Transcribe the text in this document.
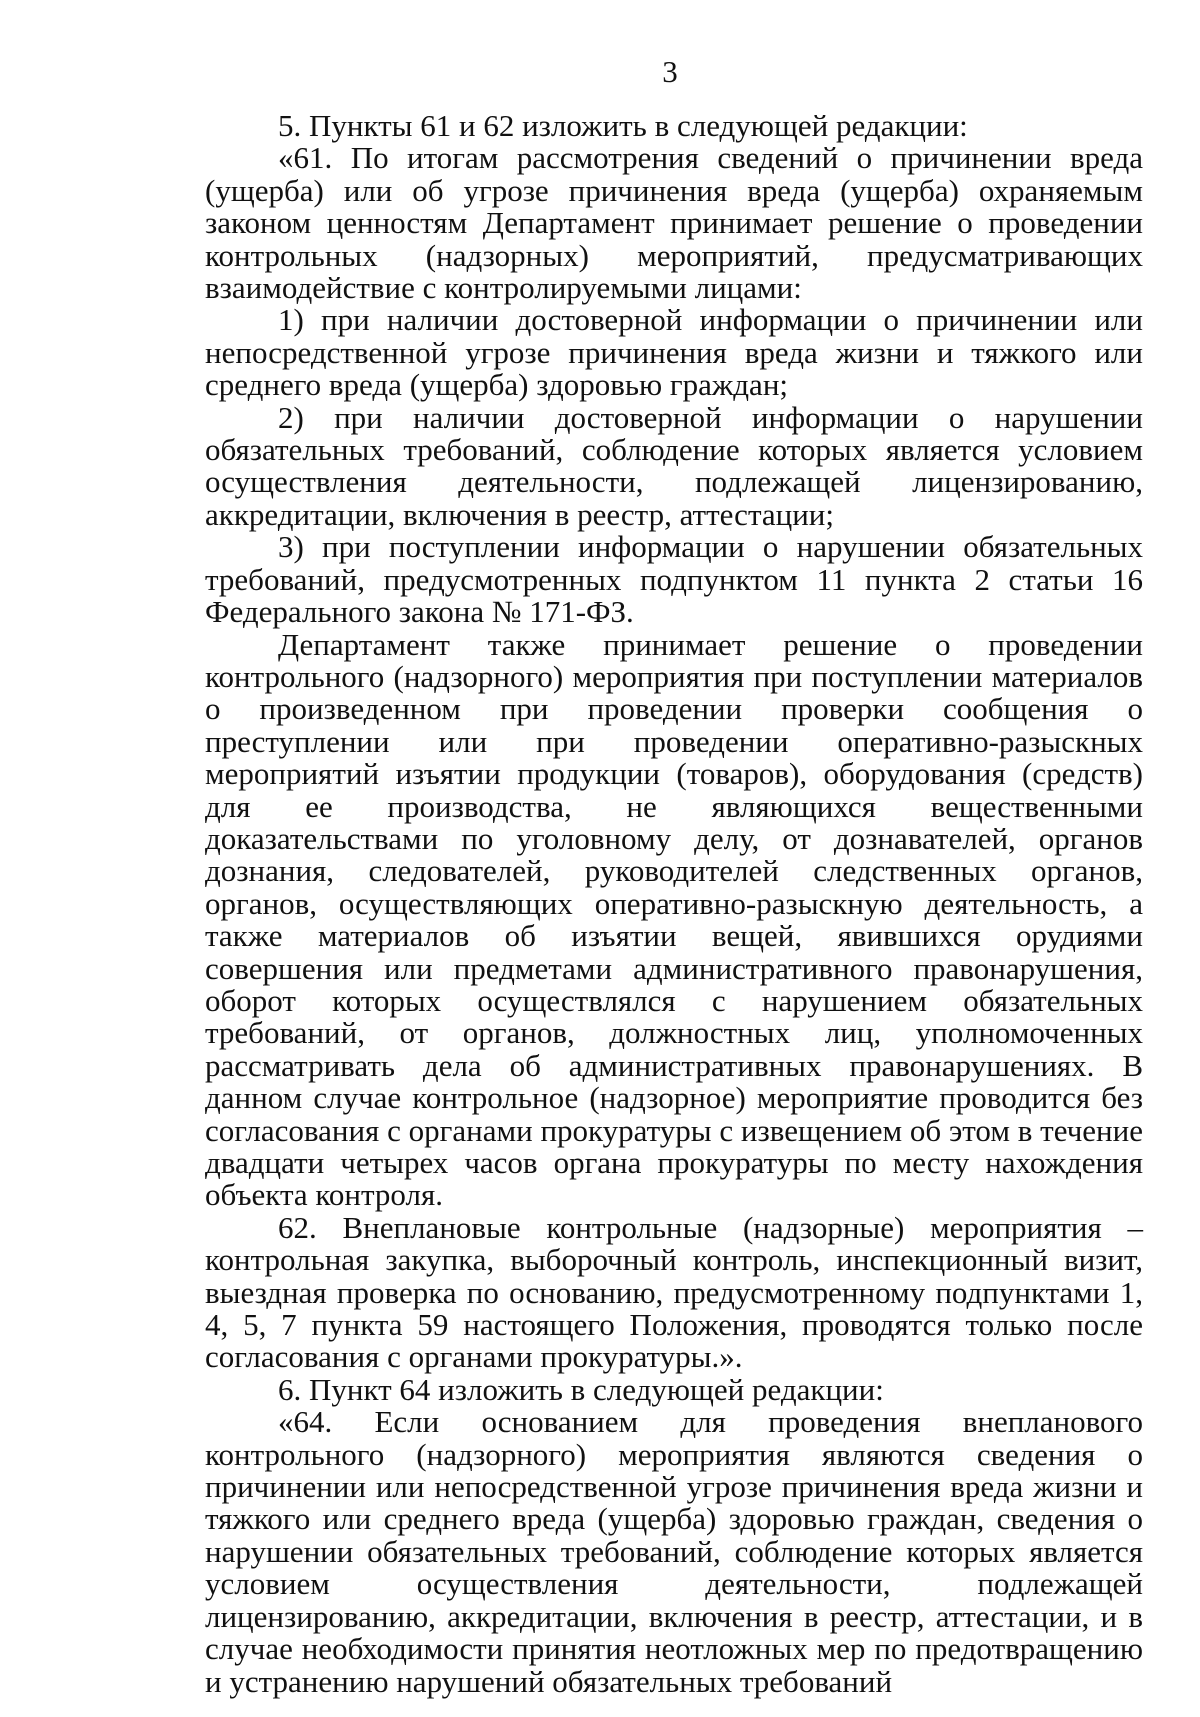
3

5. Пункты 61 и 62 изложить в следующей редакции:

«61. По итогам рассмотрения сведений о причинении вреда (ущерба) или об угрозе причинения вреда (ущерба) охраняемым законом ценностям Департамент принимает решение о проведении контрольных (надзорных) мероприятий, предусматривающих взаимодействие с контролируемыми лицами:

1) при наличии достоверной информации о причинении или непосредственной угрозе причинения вреда жизни и тяжкого или среднего вреда (ущерба) здоровью граждан;

2) при наличии достоверной информации о нарушении обязательных требований, соблюдение которых является условием осуществления деятельности, подлежащей лицензированию, аккредитации, включения в реестр, аттестации;

3) при поступлении информации о нарушении обязательных требований, предусмотренных подпунктом 11 пункта 2 статьи 16 Федерального закона № 171-ФЗ.

Департамент также принимает решение о проведении контрольного (надзорного) мероприятия при поступлении материалов о произведенном при проведении проверки сообщения о преступлении или при проведении оперативно-разыскных мероприятий изъятии продукции (товаров), оборудования (средств) для ее производства, не являющихся вещественными доказательствами по уголовному делу, от дознавателей, органов дознания, следователей, руководителей следственных органов, органов, осуществляющих оперативно-разыскную деятельность, а также материалов об изъятии вещей, явившихся орудиями совершения или предметами административного правонарушения, оборот которых осуществлялся с нарушением обязательных требований, от органов, должностных лиц, уполномоченных рассматривать дела об административных правонарушениях. В данном случае контрольное (надзорное) мероприятие проводится без согласования с органами прокуратуры с извещением об этом в течение двадцати четырех часов органа прокуратуры по месту нахождения объекта контроля.

62. Внеплановые контрольные (надзорные) мероприятия – контрольная закупка, выборочный контроль, инспекционный визит, выездная проверка по основанию, предусмотренному подпунктами 1, 4, 5, 7 пункта 59 настоящего Положения, проводятся только после согласования с органами прокуратуры.».

6. Пункт 64 изложить в следующей редакции:

«64. Если основанием для проведения внепланового контрольного (надзорного) мероприятия являются сведения о причинении или непосредственной угрозе причинения вреда жизни и тяжкого или среднего вреда (ущерба) здоровью граждан, сведения о нарушении обязательных требований, соблюдение которых является условием осуществления деятельности, подлежащей лицензированию, аккредитации, включения в реестр, аттестации, и в случае необходимости принятия неотложных мер по предотвращению и устранению нарушений обязательных требований
